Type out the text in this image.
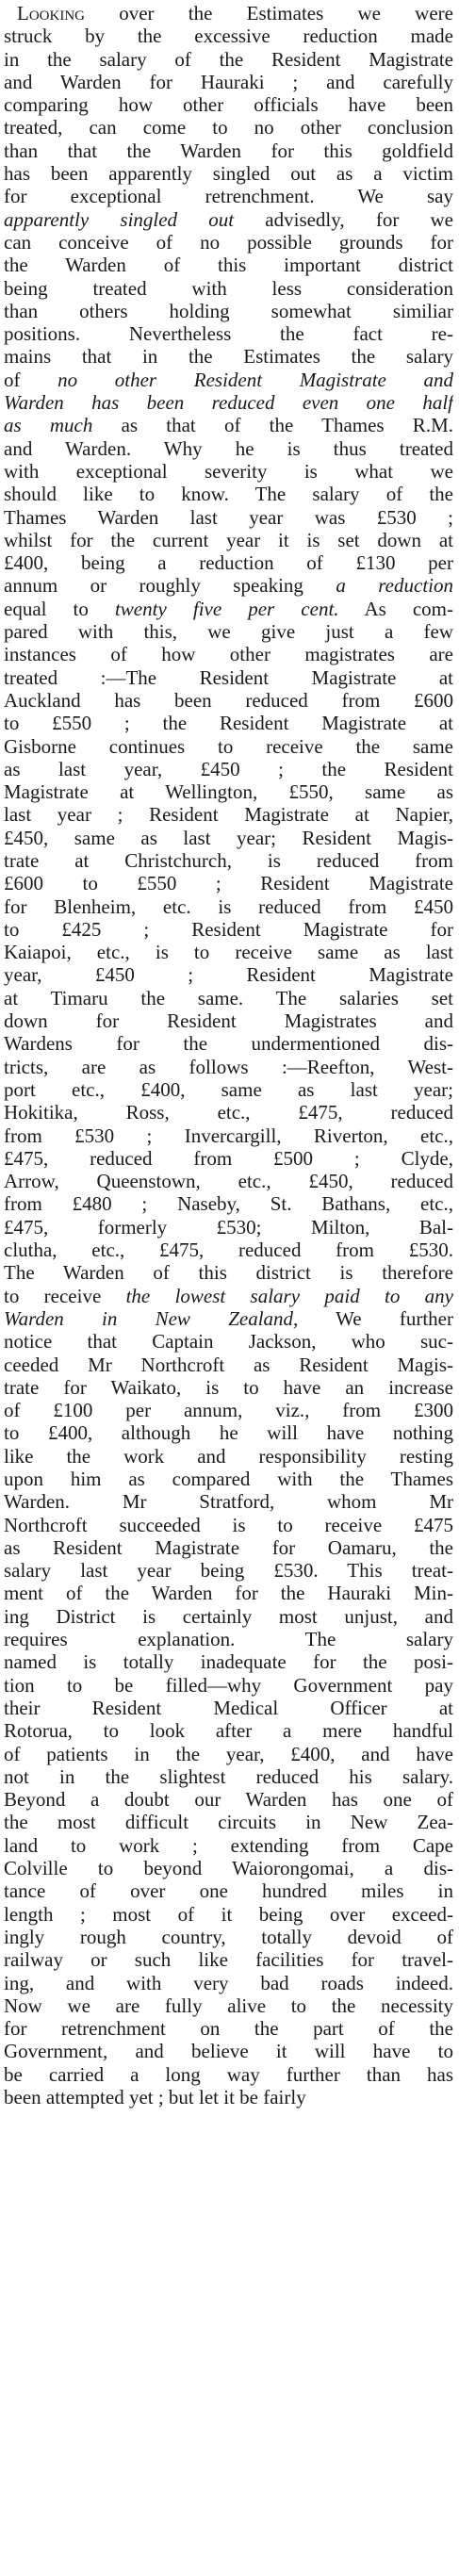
Looking over the Estimates we were
struck by the excessive reduction made
in the salary of the Resident Magistrate
and Warden for Hauraki ; and carefully
comparing how other officials have been
treated, can come to no other conclusion
than that the Warden for this goldfield
has been apparently singled out as a victim
for exceptional retrenchment. We say
apparently singled out advisedly, for we
can conceive of no possible grounds for
the Warden of this important district
being treated with less consideration
than others holding somewhat similiar
positions. Nevertheless the fact re-
mains that in the Estimates the salary
of no other Resident Magistrate and
Warden has been reduced even one half
as much as that of the Thames R.M.
and Warden. Why he is thus treated
with exceptional severity is what we
should like to know. The salary of the
Thames Warden last year was £530 ;
whilst for the current year it is set down at
£400, being a reduction of £130 per
annum or roughly speaking a reduction
equal to twenty five per cent. As com-
pared with this, we give just a few
instances of how other magistrates are
treated :—The Resident Magistrate at
Auckland has been reduced from £600
to £550 ; the Resident Magistrate at
Gisborne continues to receive the same
as last year, £450 ; the Resident
Magistrate at Wellington, £550, same as
last year ; Resident Magistrate at Napier,
£450, same as last year; Resident Magis-
trate at Christchurch, is reduced from
£600 to £550 ; Resident Magistrate
for Blenheim, etc. is reduced from £450
to £425 ; Resident Magistrate for
Kaiapoi, etc., is to receive same as last
year, £450 ; Resident Magistrate
at Timaru the same. The salaries set
down for Resident Magistrates and
Wardens for the undermentioned dis-
tricts, are as follows :—Reefton, West-
port etc., £400, same as last year;
Hokitika, Ross, etc., £475, reduced
from £530 ; Invercargill, Riverton, etc.,
£475, reduced from £500 ; Clyde,
Arrow, Queenstown, etc., £450, reduced
from £480 ; Naseby, St. Bathans, etc.,
£475, formerly £530; Milton, Bal-
clutha, etc., £475, reduced from £530.
The Warden of this district is therefore
to receive the lowest salary paid to any
Warden in New Zealand, We further
notice that Captain Jackson, who suc-
ceeded Mr Northcroft as Resident Magis-
trate for Waikato, is to have an increase
of £100 per annum, viz., from £300
to £400, although he will have nothing
like the work and responsibility resting
upon him as compared with the Thames
Warden. Mr Stratford, whom Mr
Northcroft succeeded is to receive £475
as Resident Magistrate for Oamaru, the
salary last year being £530. This treat-
ment of the Warden for the Hauraki Min-
ing District is certainly most unjust, and
requires explanation. The salary
named is totally inadequate for the posi-
tion to be filled—why Government pay
their Resident Medical Officer at
Rotorua, to look after a mere handful
of patients in the year, £400, and have
not in the slightest reduced his salary.
Beyond a doubt our Warden has one of
the most difficult circuits in New Zea-
land to work ; extending from Cape
Colville to beyond Waiorongomai, a dis-
tance of over one hundred miles in
length ; most of it being over exceed-
ingly rough country, totally devoid of
railway or such like facilities for travel-
ing, and with very bad roads indeed.
Now we are fully alive to the necessity
for retrenchment on the part of the
Government, and believe it will have to
be carried a long way further than has
been attempted yet ; but let it be fairly
